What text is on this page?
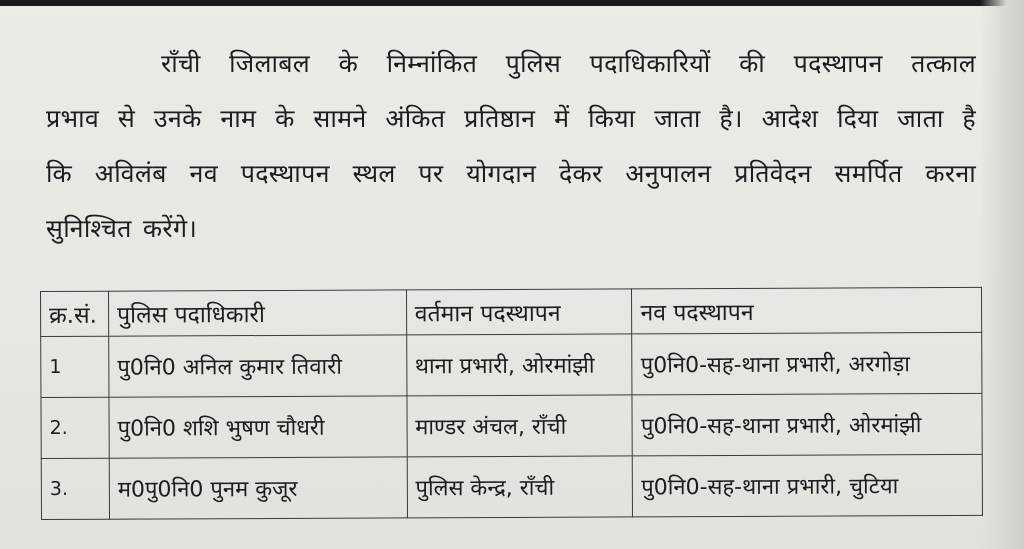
राँची जिलाबल के निम्नांकित पुलिस पदाधिकारियों की पदस्थापन तत्काल
प्रभाव से उनके नाम के सामने अंकित प्रतिष्ठान में किया जाता है। आदेश दिया जाता है
कि अविलंब नव पदस्थापन स्थल पर योगदान देकर अनुपालन प्रतिवेदन समर्पित करना
सुनिश्चित करेंगे।

क्र.सं.	पुलिस पदाधिकारी	वर्तमान पदस्थापन	नव पदस्थापन
1	पु0नि0 अनिल कुमार तिवारी	थाना प्रभारी, ओरमांझी	पु0नि0-सह-थाना प्रभारी, अरगोड़ा
2.	पु0नि0 शशि भुषण चौधरी	माण्डर अंचल, राँची	पु0नि0-सह-थाना प्रभारी, ओरमांझी
3.	म0पु0नि0 पुनम कुजूर	पुलिस केन्द्र, राँची	पु0नि0-सह-थाना प्रभारी, चुटिया
